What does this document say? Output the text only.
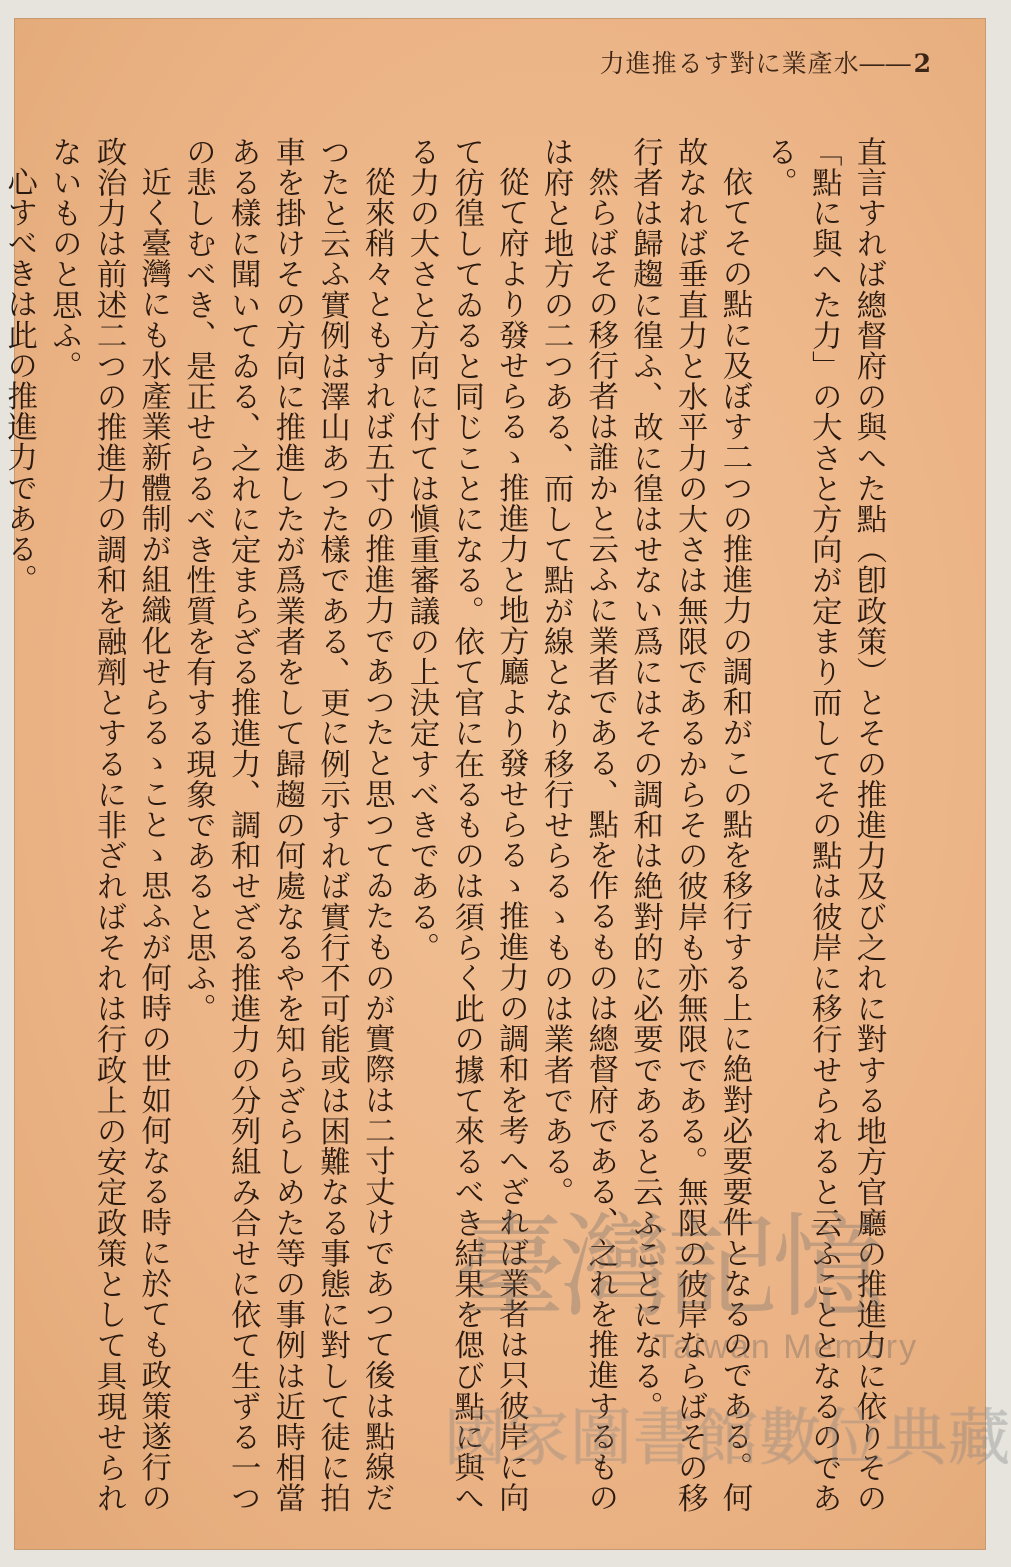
力進推るす對に業產水――2

直言すれば總督府の與へた點（卽政策）とその推進力及び之れに對する地方官廳の推進力に依りその「點に與へた力」の大さと方向が定まり而してその點は彼岸に移行せられると云ふこととなるのである。

依てその點に及ぼす二つの推進力の調和がこの點を移行する上に絶對必要要件となるのである。何故なれば垂直力と水平力の大さは無限であるからその彼岸も亦無限である。無限の彼岸ならばその移行者は歸趨に徨ふ、故に徨はせない爲にはその調和は絶對的に必要であると云ふことになる。

然らばその移行者は誰かと云ふに業者である、點を作るものは總督府である、之れを推進するものは府と地方の二つある、而して點が線となり移行せらるゝものは業者である。

從て府より發せらるゝ推進力と地方廳より發せらるゝ推進力の調和を考へざれば業者は只彼岸に向て彷徨してゐると同じことになる。依て官に在るものは須らく此の據て來るべき結果を偲び點に與へる力の大さと方向に付ては愼重審議の上決定すべきである。

從來稍々ともすれば五寸の推進力であつたと思つてゐたものが實際は二寸丈けであつて後は點線だつたと云ふ實例は澤山あつた樣である、更に例示すれば實行不可能或は困難なる事態に對して徒に拍車を掛けその方向に推進したが爲業者をして歸趨の何處なるやを知らざらしめた等の事例は近時相當ある樣に聞いてゐる、之れに定まらざる推進力、調和せざる推進力の分列組み合せに依て生ずる一つの悲しむべき、是正せらるべき性質を有する現象であると思ふ。

近く臺灣にも水產業新體制が組織化せらるゝことゝ思ふが何時の世如何なる時に於ても政策遂行の政治力は前述二つの推進力の調和を融劑とするに非ざればそれは行政上の安定政策として具現せられないものと思ふ。

心すべきは此の推進力である。

臺灣記憶
Taiwan Memory
國家圖書館數位典藏
